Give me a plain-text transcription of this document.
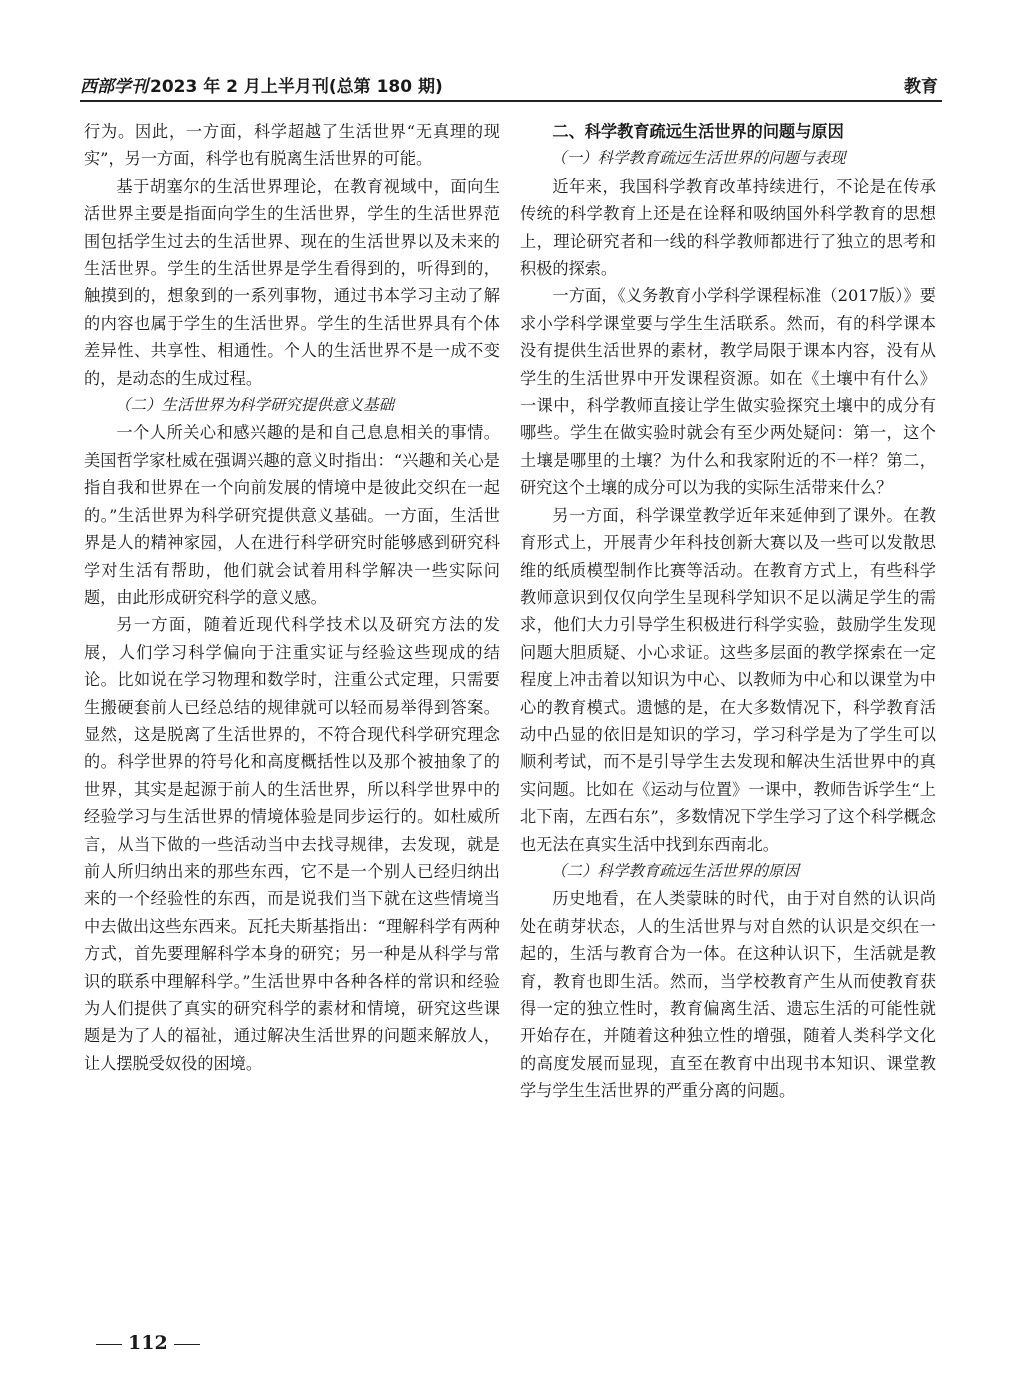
西部学刊 2023 年 2 月上半月刊(总第 180 期)	教育

行为。因此，一方面，科学超越了生活世界“无真理的现实”，另一方面，科学也有脱离生活世界的可能。

基于胡塞尔的生活世界理论，在教育视域中，面向生活世界主要是指面向学生的生活世界，学生的生活世界范围包括学生过去的生活世界、现在的生活世界以及未来的生活世界。学生的生活世界是学生看得到的，听得到的，触摸到的，想象到的一系列事物，通过书本学习主动了解的内容也属于学生的生活世界。学生的生活世界具有个体差异性、共享性、相通性。个人的生活世界不是一成不变的，是动态的生成过程。

（二）生活世界为科学研究提供意义基础

一个人所关心和感兴趣的是和自己息息相关的事情。美国哲学家杜威在强调兴趣的意义时指出：“兴趣和关心是指自我和世界在一个向前发展的情境中是彼此交织在一起的。”生活世界为科学研究提供意义基础。一方面，生活世界是人的精神家园，人在进行科学研究时能够感到研究科学对生活有帮助，他们就会试着用科学解决一些实际问题，由此形成研究科学的意义感。

另一方面，随着近现代科学技术以及研究方法的发展，人们学习科学偏向于注重实证与经验这些现成的结论。比如说在学习物理和数学时，注重公式定理，只需要生搬硬套前人已经总结的规律就可以轻而易举得到答案。显然，这是脱离了生活世界的，不符合现代科学研究理念的。科学世界的符号化和高度概括性以及那个被抽象了的世界，其实是起源于前人的生活世界，所以科学世界中的经验学习与生活世界的情境体验是同步运行的。如杜威所言，从当下做的一些活动当中去找寻规律，去发现，就是前人所归纳出来的那些东西，它不是一个别人已经归纳出来的一个经验性的东西，而是说我们当下就在这些情境当中去做出这些东西来。瓦托夫斯基指出：“理解科学有两种方式，首先要理解科学本身的研究；另一种是从科学与常识的联系中理解科学。”生活世界中各种各样的常识和经验为人们提供了真实的研究科学的素材和情境，研究这些课题是为了人的福祉，通过解决生活世界的问题来解放人，让人摆脱受奴役的困境。

二、科学教育疏远生活世界的问题与原因

（一）科学教育疏远生活世界的问题与表现

近年来，我国科学教育改革持续进行，不论是在传承传统的科学教育上还是在诠释和吸纳国外科学教育的思想上，理论研究者和一线的科学教师都进行了独立的思考和积极的探索。

一方面，《义务教育小学科学课程标准（2017版）》要求小学科学课堂要与学生生活联系。然而，有的科学课本没有提供生活世界的素材，教学局限于课本内容，没有从学生的生活世界中开发课程资源。如在《土壤中有什么》一课中，科学教师直接让学生做实验探究土壤中的成分有哪些。学生在做实验时就会有至少两处疑问：第一，这个土壤是哪里的土壤？为什么和我家附近的不一样？第二，研究这个土壤的成分可以为我的实际生活带来什么？

另一方面，科学课堂教学近年来延伸到了课外。在教育形式上，开展青少年科技创新大赛以及一些可以发散思维的纸质模型制作比赛等活动。在教育方式上，有些科学教师意识到仅仅向学生呈现科学知识不足以满足学生的需求，他们大力引导学生积极进行科学实验，鼓励学生发现问题大胆质疑、小心求证。这些多层面的教学探索在一定程度上冲击着以知识为中心、以教师为中心和以课堂为中心的教育模式。遗憾的是，在大多数情况下，科学教育活动中凸显的依旧是知识的学习，学习科学是为了学生可以顺利考试，而不是引导学生去发现和解决生活世界中的真实问题。比如在《运动与位置》一课中，教师告诉学生“上北下南，左西右东”，多数情况下学生学习了这个科学概念也无法在真实生活中找到东西南北。

（二）科学教育疏远生活世界的原因

历史地看，在人类蒙昧的时代，由于对自然的认识尚处在萌芽状态，人的生活世界与对自然的认识是交织在一起的，生活与教育合为一体。在这种认识下，生活就是教育，教育也即生活。然而，当学校教育产生从而使教育获得一定的独立性时，教育偏离生活、遗忘生活的可能性就开始存在，并随着这种独立性的增强，随着人类科学文化的高度发展而显现，直至在教育中出现书本知识、课堂教学与学生生活世界的严重分离的问题。

112
